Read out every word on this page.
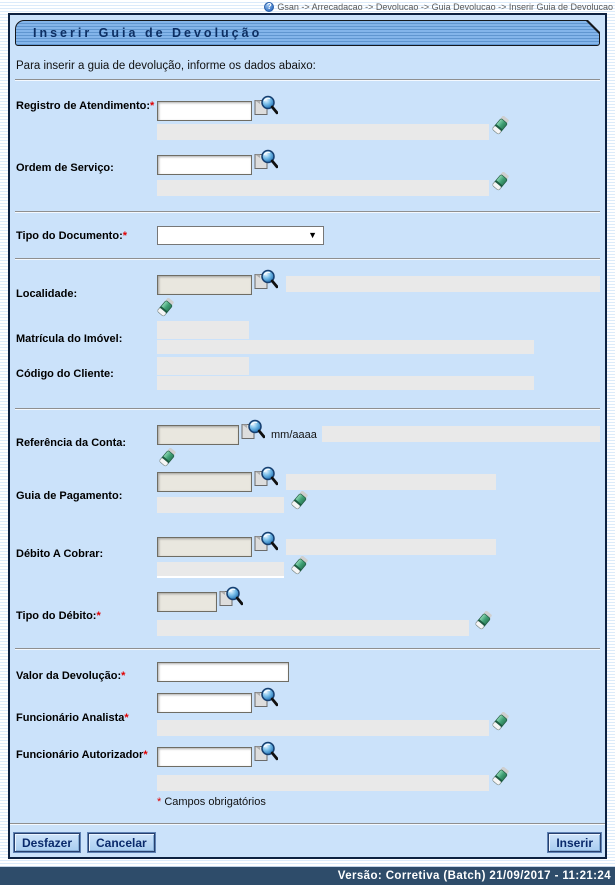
? Gsan -> Arrecadacao -> Devolucao -> Guia Devolucao -> Inserir Guia de Devolucao
Inserir Guia de Devolução
Para inserir a guia de devolução, informe os dados abaixo:
Registro de Atendimento:*
Ordem de Serviço:
Tipo do Documento:*	▼
Localidade:
Matrícula do Imóvel:
Código do Cliente:
Referência da Conta:
mm/aaaa
Guia de Pagamento:
Débito A Cobrar:
Tipo do Débito:*
Valor da Devolução:*
Funcionário Analista*
Funcionário Autorizador*
* Campos obrigatórios
Desfazer	Cancelar	Inserir
Versão: Corretiva (Batch) 21/09/2017 - 11:21:24
